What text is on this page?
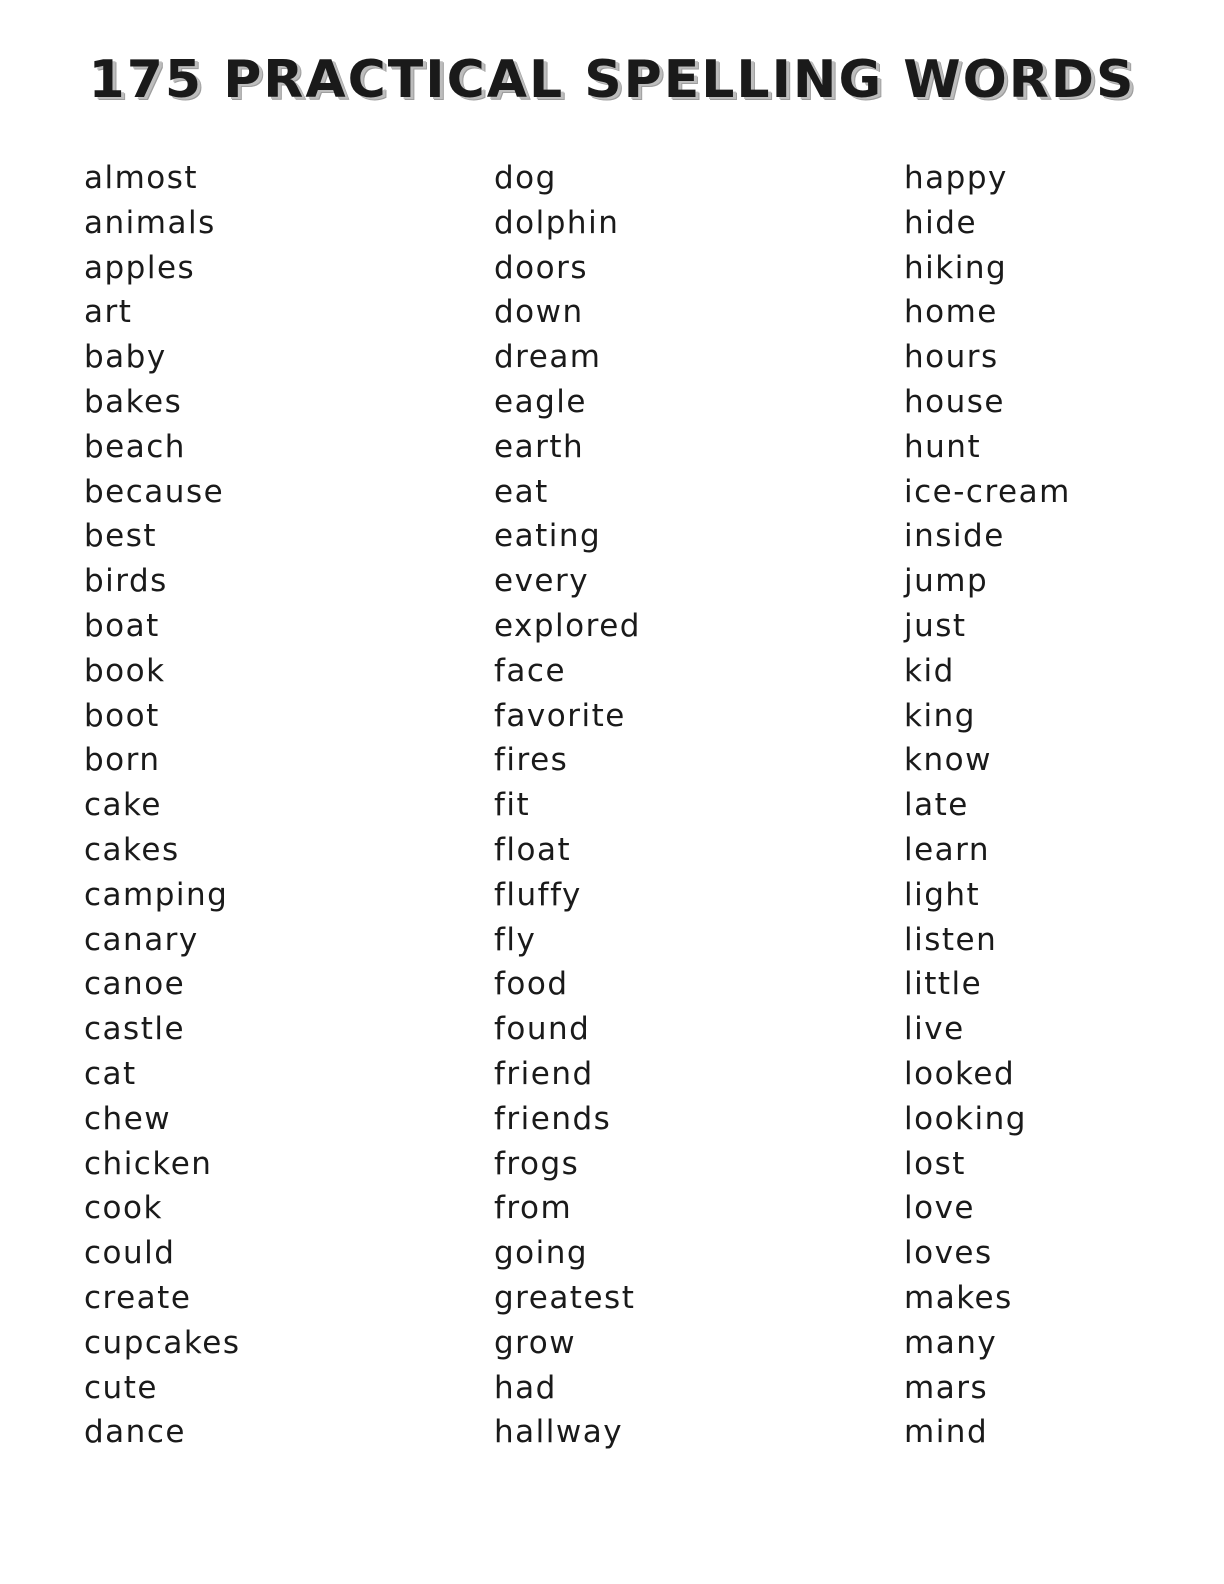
175 PRACTICAL SPELLING WORDS
almost
animals
apples
art
baby
bakes
beach
because
best
birds
boat
book
boot
born
cake
cakes
camping
canary
canoe
castle
cat
chew
chicken
cook
could
create
cupcakes
cute
dance
dog
dolphin
doors
down
dream
eagle
earth
eat
eating
every
explored
face
favorite
fires
fit
float
fluffy
fly
food
found
friend
friends
frogs
from
going
greatest
grow
had
hallway
happy
hide
hiking
home
hours
house
hunt
ice-cream
inside
jump
just
kid
king
know
late
learn
light
listen
little
live
looked
looking
lost
love
loves
makes
many
mars
mind
